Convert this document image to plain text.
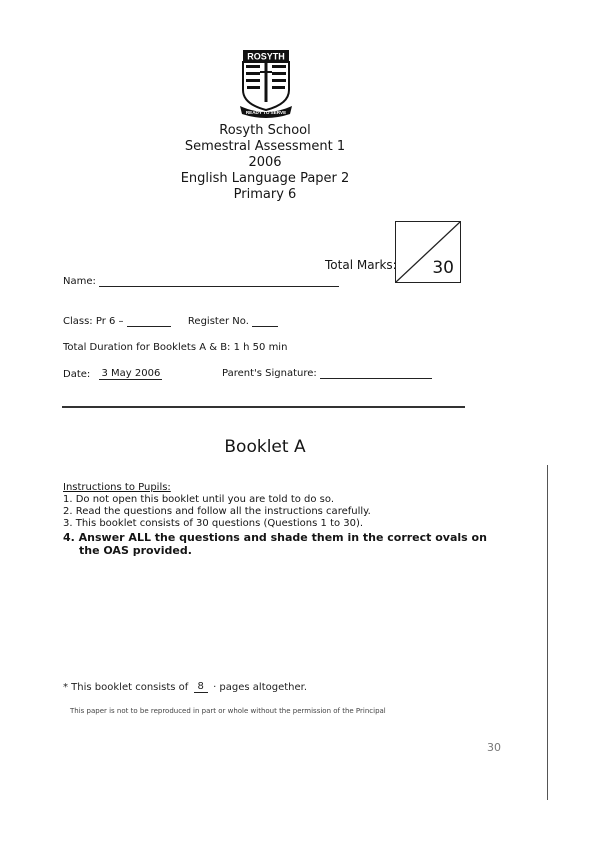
ROSYTH
READY TO SERVE
Rosyth School
Semestral Assessment 1
2006
English Language Paper 2
Primary 6
Total Marks: 30
Name:
Class: Pr 6 –	Register No.
Total Duration for Booklets A & B: 1 h 50 min
Date: 3 May 2006	Parent's Signature:
Booklet A
Instructions to Pupils:
1. Do not open this booklet until you are told to do so.
2. Read the questions and follow all the instructions carefully.
3. This booklet consists of 30 questions (Questions 1 to 30).
4. Answer ALL the questions and shade them in the correct ovals on
the OAS provided.
* This booklet consists of 8 · pages altogether.
This paper is not to be reproduced in part or whole without the permission of the Principal
30
